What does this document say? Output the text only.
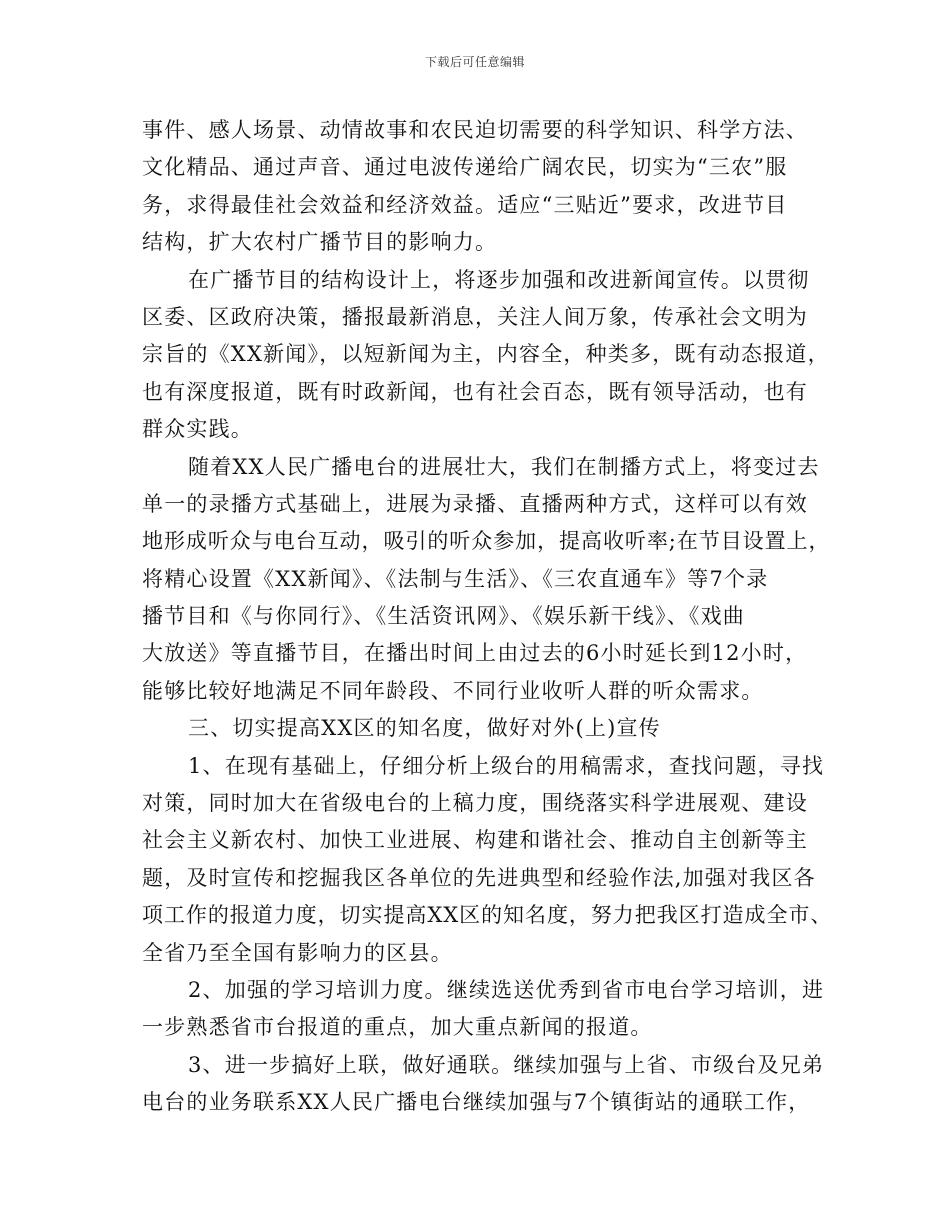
下载后可任意编辑
事件、感人场景、动情故事和农民迫切需要的科学知识、科学方法、
文化精品、通过声音、通过电波传递给广阔农民，切实为“三农”服
务，求得最佳社会效益和经济效益。适应“三贴近”要求，改进节目
结构，扩大农村广播节目的影响力。
在广播节目的结构设计上，将逐步加强和改进新闻宣传。以贯彻
区委、区政府决策，播报最新消息，关注人间万象，传承社会文明为
宗旨的《XX新闻》，以短新闻为主，内容全，种类多，既有动态报道，
也有深度报道，既有时政新闻，也有社会百态，既有领导活动，也有
群众实践。
随着XX人民广播电台的进展壮大，我们在制播方式上，将变过去
单一的录播方式基础上，进展为录播、直播两种方式，这样可以有效
地形成听众与电台互动，吸引的听众参加，提高收听率;在节目设置上，
将精心设置《XX新闻》、《法制与生活》、《三农直通车》等7个录
播节目和《与你同行》、《生活资讯网》、《娱乐新干线》、《戏曲
大放送》等直播节目，在播出时间上由过去的6小时延长到12小时，
能够比较好地满足不同年龄段、不同行业收听人群的听众需求。
三、切实提高XX区的知名度，做好对外(上)宣传
1、在现有基础上，仔细分析上级台的用稿需求，查找问题，寻找
对策，同时加大在省级电台的上稿力度，围绕落实科学进展观、建设
社会主义新农村、加快工业进展、构建和谐社会、推动自主创新等主
题，及时宣传和挖掘我区各单位的先进典型和经验作法,加强对我区各
项工作的报道力度，切实提高XX区的知名度，努力把我区打造成全市、
全省乃至全国有影响力的区县。
2、加强的学习培训力度。继续选送优秀到省市电台学习培训，进
一步熟悉省市台报道的重点，加大重点新闻的报道。
3、进一步搞好上联，做好通联。继续加强与上省、市级台及兄弟
电台的业务联系XX人民广播电台继续加强与7个镇街站的通联工作，
